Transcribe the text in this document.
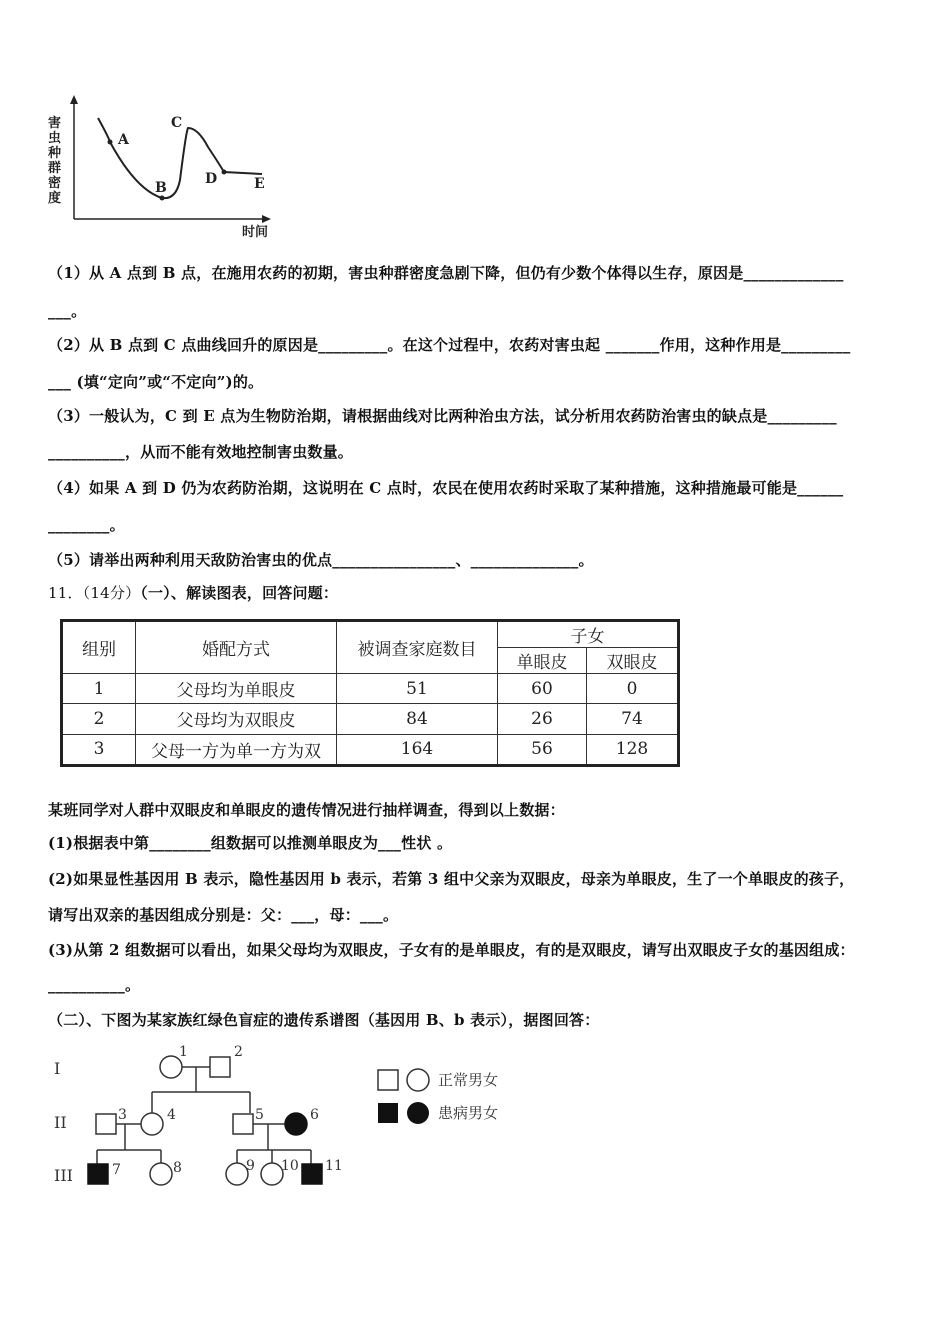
害
虫
种
群
密
度
时间
A
B
C
D	E
（1）从 A 点到 B 点，在施用农药的初期，害虫种群密度急剧下降，但仍有少数个体得以生存，原因是_____________
___。
（2）从 B 点到 C 点曲线回升的原因是_________。在这个过程中，农药对害虫起 _______作用，这种作用是_________
___ (填“定向”或“不定向”)的。
（3）一般认为，C 到 E 点为生物防治期，请根据曲线对比两种治虫方法，试分析用农药防治害虫的缺点是_________
__________，从而不能有效地控制害虫数量。
（4）如果 A 到 D 仍为农药防治期，这说明在 C 点时，农民在使用农药时采取了某种措施，这种措施最可能是______
________。
（5）请举出两种利用天敌防治害虫的优点________________、______________。
11．（14分）（一）、解读图表，回答问题：
组别	婚配方式	被调查家庭数目	子女	
			单眼皮	双眼皮
1	父母均为单眼皮	51	60	0
2	父母均为双眼皮	84	26	74
3	父母一方为单一方为双	164	56	128
某班同学对人群中双眼皮和单眼皮的遗传情况进行抽样调查，得到以上数据：
(1)根据表中第________组数据可以推测单眼皮为___性状 。
(2)如果显性基因用 B 表示，隐性基因用 b 表示，若第 3 组中父亲为双眼皮，母亲为单眼皮，生了一个单眼皮的孩子，
请写出双亲的基因组成分别是：父：___，母：___。
(3)从第 2 组数据可以看出，如果父母均为双眼皮，子女有的是单眼皮，有的是双眼皮，请写出双眼皮子女的基因组成：
__________。
（二）、下图为某家族红绿色盲症的遗传系谱图（基因用 B、b 表示），据图回答：
I
II
III
1	2
3	4	5	6
7	8	9 10 11
正常男女
患病男女
